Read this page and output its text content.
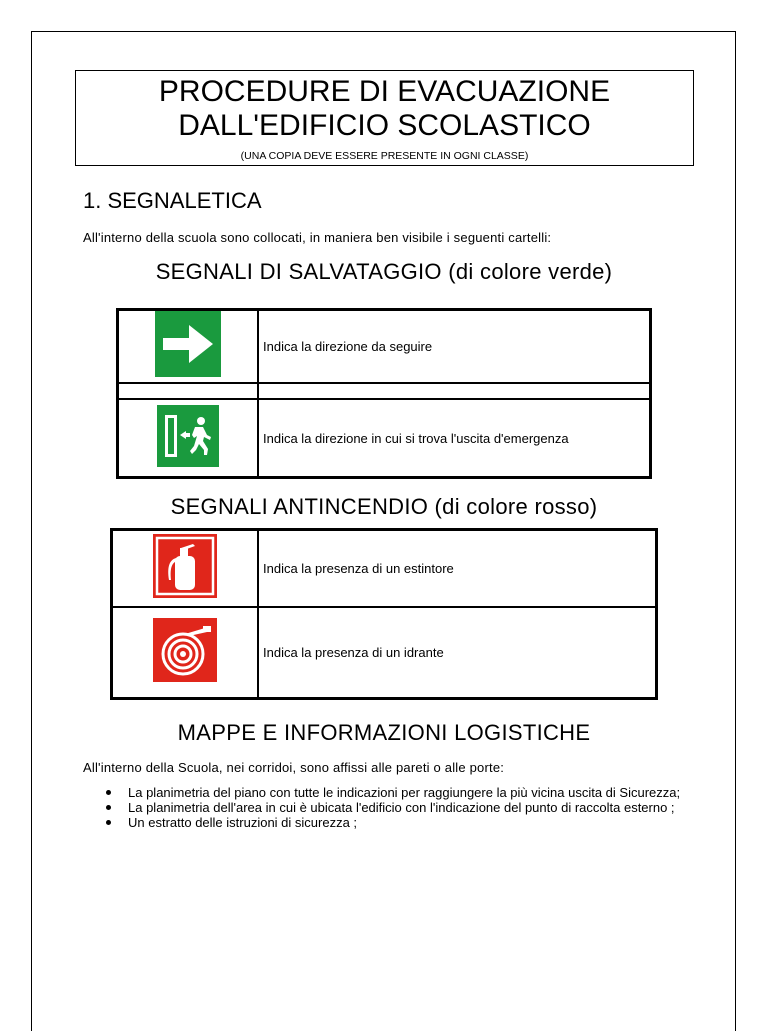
PROCEDURE DI EVACUAZIONE
DALL'EDIFICIO SCOLASTICO
(UNA COPIA DEVE ESSERE PRESENTE IN OGNI CLASSE)
1. SEGNALETICA
All'interno della scuola sono collocati, in maniera ben visibile i seguenti cartelli:
SEGNALI DI SALVATAGGIO (di colore verde)
	Indica la direzione da seguire

	Indica la direzione in cui si trova l'uscita d'emergenza
SEGNALI ANTINCENDIO (di colore rosso)
	Indica la presenza di un estintore
	Indica la presenza di un idrante
MAPPE E INFORMAZIONI LOGISTICHE
All'interno della Scuola, nei corridoi, sono affissi alle pareti o alle porte:
La planimetria del piano con tutte le indicazioni per raggiungere la più vicina uscita di Sicurezza;
La planimetria dell'area in cui è ubicata l'edificio con l'indicazione del punto di raccolta esterno ;
Un estratto delle istruzioni di sicurezza ;
